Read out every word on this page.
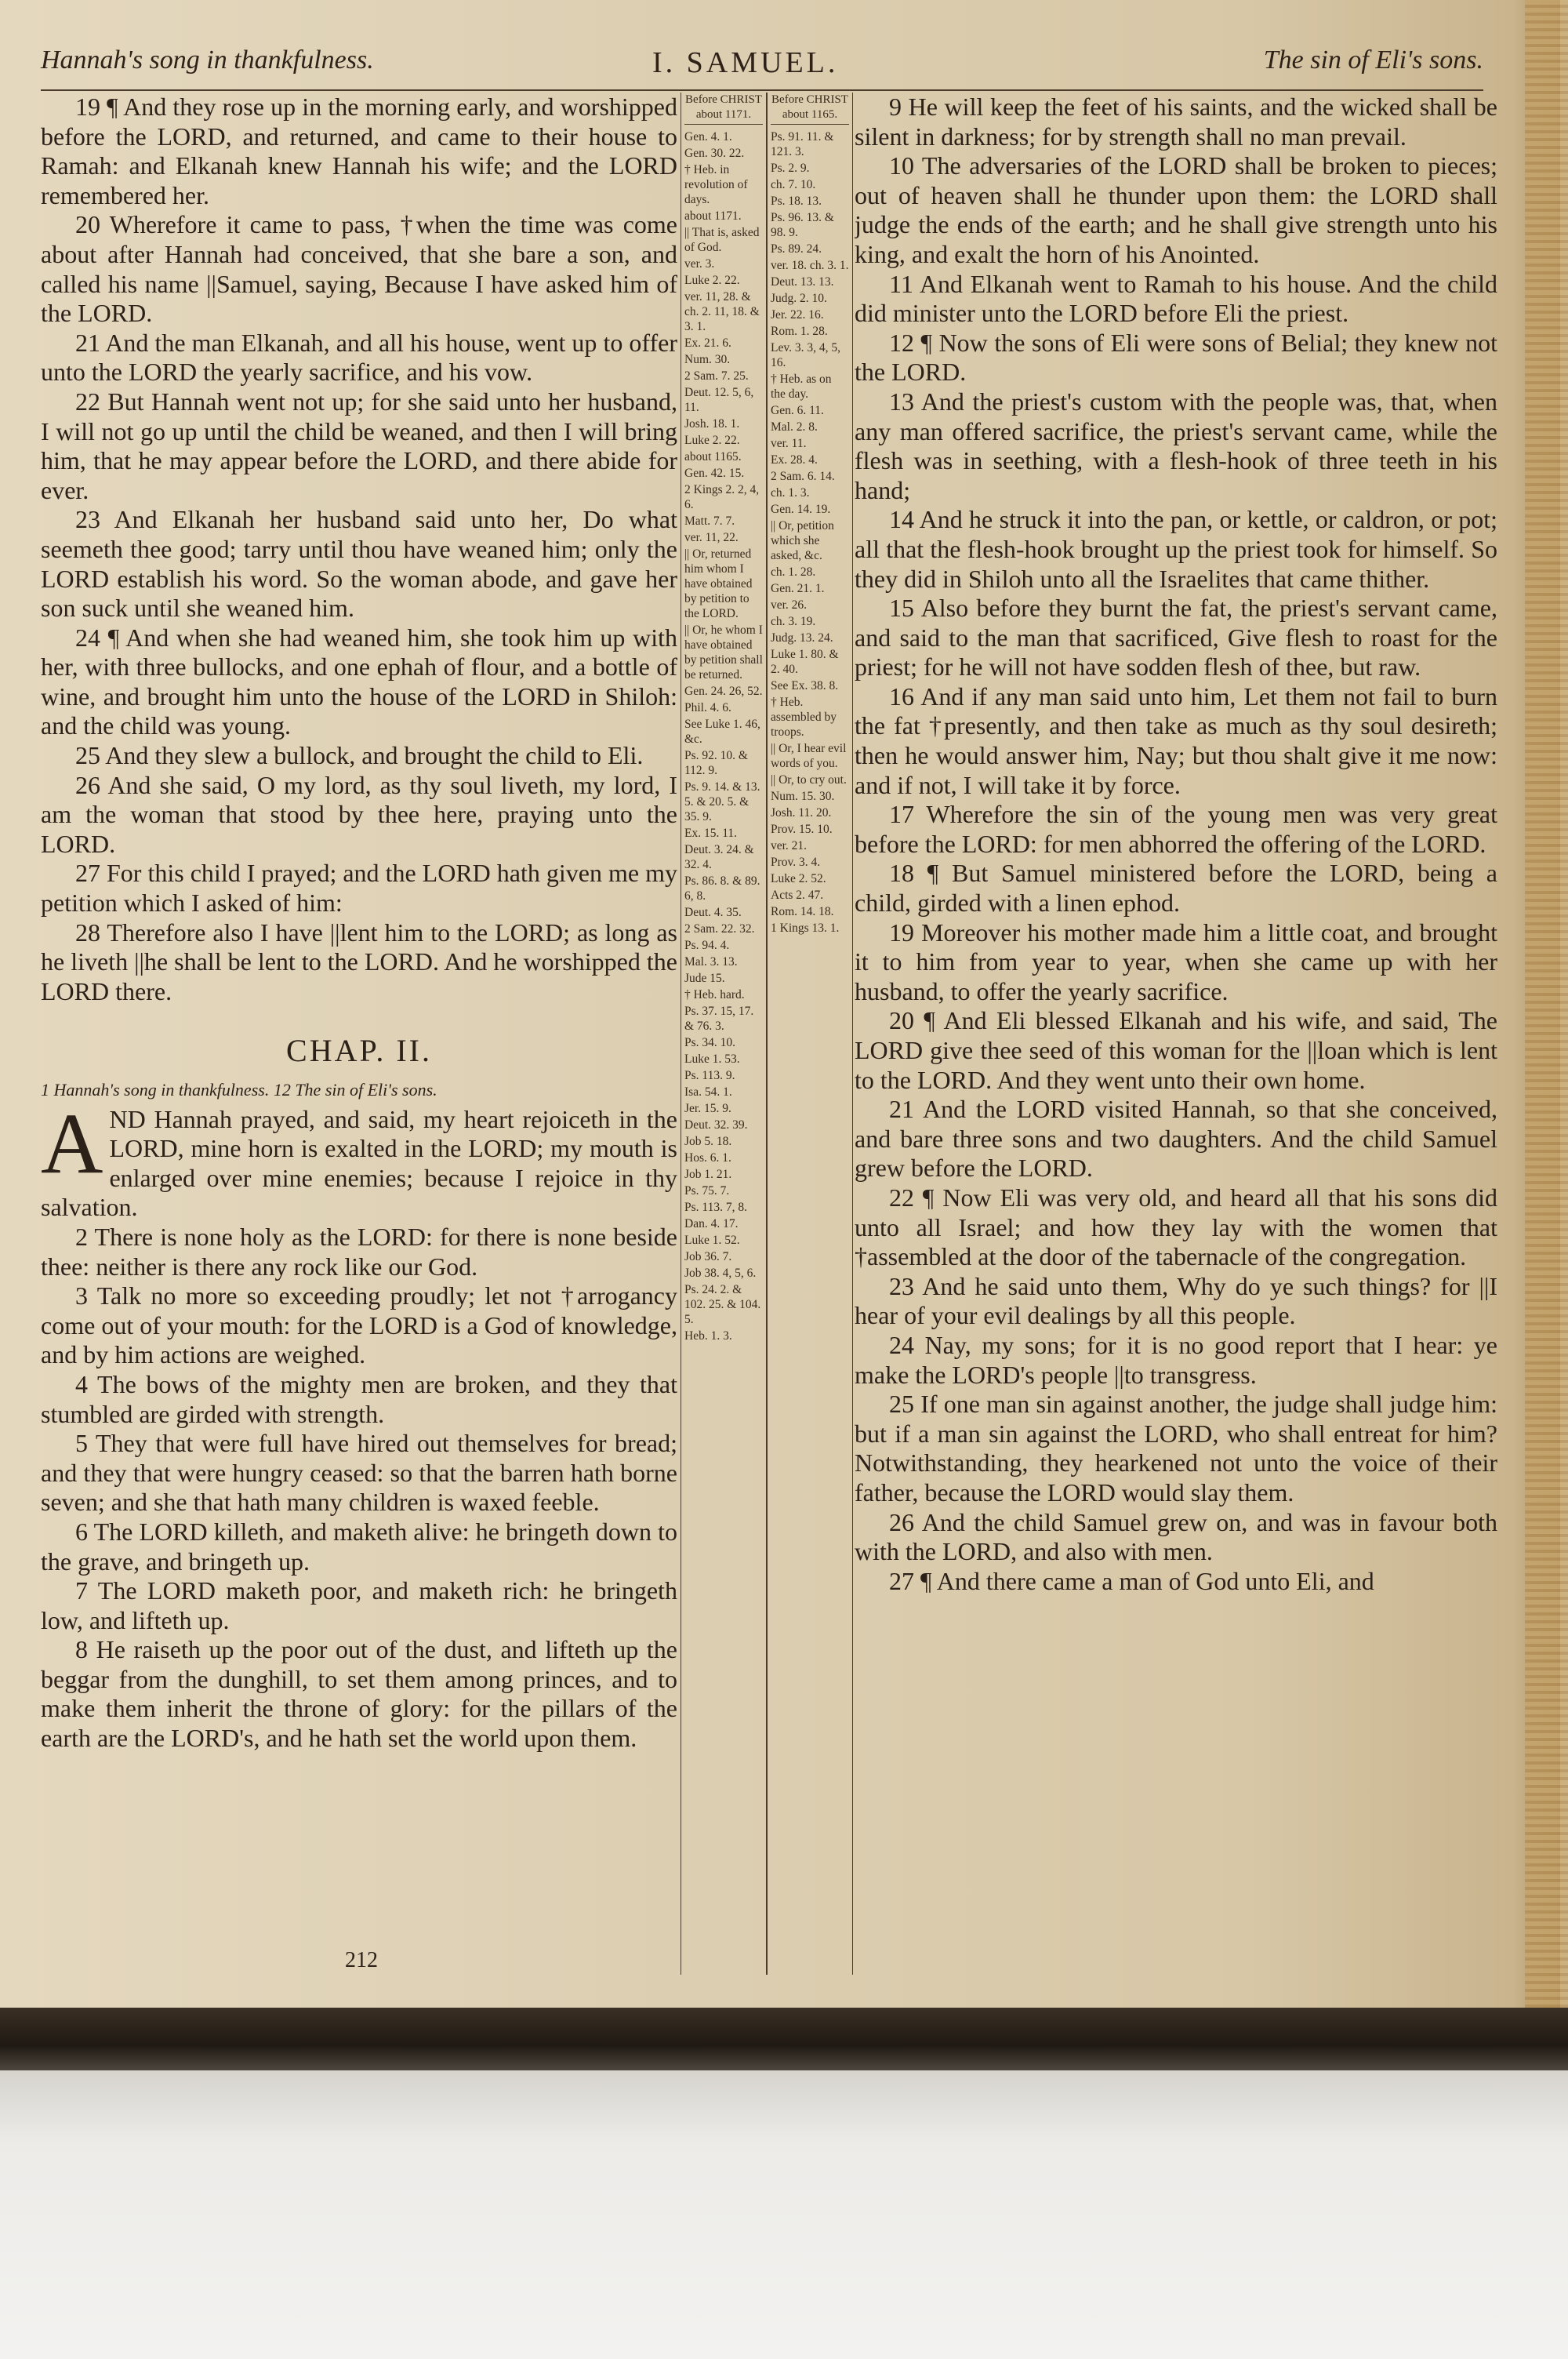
Hannah's song in thankfulness.	I. SAMUEL.	The sin of Eli's sons.

19 ¶ And they rose up in the morning early, and worshipped before the LORD, and returned, and came to their house to Ramah: and Elkanah knew Hannah his wife; and the LORD remembered her.

20 Wherefore it came to pass, †when the time was come about after Hannah had conceived, that she bare a son, and called his name ||Samuel, saying, Because I have asked him of the LORD.

21 And the man Elkanah, and all his house, went up to offer unto the LORD the yearly sacrifice, and his vow.

22 But Hannah went not up; for she said unto her husband, I will not go up until the child be weaned, and then I will bring him, that he may appear before the LORD, and there abide for ever.

23 And Elkanah her husband said unto her, Do what seemeth thee good; tarry until thou have weaned him; only the LORD establish his word. So the woman abode, and gave her son suck until she weaned him.

24 ¶ And when she had weaned him, she took him up with her, with three bullocks, and one ephah of flour, and a bottle of wine, and brought him unto the house of the LORD in Shiloh: and the child was young.

25 And they slew a bullock, and brought the child to Eli.

26 And she said, O my lord, as thy soul liveth, my lord, I am the woman that stood by thee here, praying unto the LORD.

27 For this child I prayed; and the LORD hath given me my petition which I asked of him:

28 Therefore also I have ||lent him to the LORD; as long as he liveth ||he shall be lent to the LORD. And he worshipped the LORD there.

CHAP. II.

1 Hannah's song in thankfulness. 12 The sin of Eli's sons.

AND Hannah prayed, and said, my heart rejoiceth in the LORD, mine horn is exalted in the LORD; my mouth is enlarged over mine enemies; because I rejoice in thy salvation.

2 There is none holy as the LORD: for there is none beside thee: neither is there any rock like our God.

3 Talk no more so exceeding proudly; let not †arrogancy come out of your mouth: for the LORD is a God of knowledge, and by him actions are weighed.

4 The bows of the mighty men are broken, and they that stumbled are girded with strength.

5 They that were full have hired out themselves for bread; and they that were hungry ceased: so that the barren hath borne seven; and she that hath many children is waxed feeble.

6 The LORD killeth, and maketh alive: he bringeth down to the grave, and bringeth up.

7 The LORD maketh poor, and maketh rich: he bringeth low, and lifteth up.

8 He raiseth up the poor out of the dust, and lifteth up the beggar from the dunghill, to set them among princes, and to make them inherit the throne of glory: for the pillars of the earth are the LORD's, and he hath set the world upon them.

Before CHRIST about 1171.
Gen. 4. 1.
Gen. 30. 22.
† Heb. in revolution of days.
about 1171.
|| That is, asked of God.
ver. 3.
Luke 2. 22.
ver. 11, 28. & ch. 2. 11, 18. & 3. 1.
Ex. 21. 6.
Num. 30.
2 Sam. 7. 25.
Deut. 12. 5, 6, 11.
Josh. 18. 1.
Luke 2. 22.
about 1165.
Gen. 42. 15.
2 Kings 2. 2, 4, 6.
Matt. 7. 7.
ver. 11, 22.
|| Or, returned him whom I have obtained by petition to the LORD.
|| Or, he whom I have obtained by petition shall be returned.
Gen. 24. 26, 52.
Phil. 4. 6.
See Luke 1. 46, &c.
Ps. 92. 10. & 112. 9.
Ps. 9. 14. & 13. 5. & 20. 5. & 35. 9.
Ex. 15. 11.
Deut. 3. 24. & 32. 4.
Ps. 86. 8. & 89. 6, 8.
Deut. 4. 35.
2 Sam. 22. 32.
Ps. 94. 4.
Mal. 3. 13.
Jude 15.
† Heb. hard.
Ps. 37. 15, 17. & 76. 3.
Ps. 34. 10.
Luke 1. 53.
Ps. 113. 9.
Isa. 54. 1.
Jer. 15. 9.
Deut. 32. 39.
Job 5. 18.
Hos. 6. 1.
Job 1. 21.
Ps. 75. 7.
Ps. 113. 7, 8.
Dan. 4. 17.
Luke 1. 52.
Job 36. 7.
Job 38. 4, 5, 6.
Ps. 24. 2. & 102. 25. & 104. 5.
Heb. 1. 3.
Before CHRIST about 1165.
Ps. 91. 11. & 121. 3.
Ps. 2. 9.
ch. 7. 10.
Ps. 18. 13.
Ps. 96. 13. & 98. 9.
Ps. 89. 24.
ver. 18. ch. 3. 1.
Deut. 13. 13.
Judg. 2. 10.
Jer. 22. 16.
Rom. 1. 28.
Lev. 3. 3, 4, 5, 16.
† Heb. as on the day.
Gen. 6. 11.
Mal. 2. 8.
ver. 11.
Ex. 28. 4.
2 Sam. 6. 14.
ch. 1. 3.
Gen. 14. 19.
|| Or, petition which she asked, &c.
ch. 1. 28.
Gen. 21. 1.
ver. 26.
ch. 3. 19.
Judg. 13. 24.
Luke 1. 80. & 2. 40.
See Ex. 38. 8.
† Heb. assembled by troops.
|| Or, I hear evil words of you.
|| Or, to cry out.
Num. 15. 30.
Josh. 11. 20.
Prov. 15. 10.
ver. 21.
Prov. 3. 4.
Luke 2. 52.
Acts 2. 47.
Rom. 14. 18.
1 Kings 13. 1.

9 He will keep the feet of his saints, and the wicked shall be silent in darkness; for by strength shall no man prevail.

10 The adversaries of the LORD shall be broken to pieces; out of heaven shall he thunder upon them: the LORD shall judge the ends of the earth; and he shall give strength unto his king, and exalt the horn of his Anointed.

11 And Elkanah went to Ramah to his house. And the child did minister unto the LORD before Eli the priest.

12 ¶ Now the sons of Eli were sons of Belial; they knew not the LORD.

13 And the priest's custom with the people was, that, when any man offered sacrifice, the priest's servant came, while the flesh was in seething, with a flesh-hook of three teeth in his hand;

14 And he struck it into the pan, or kettle, or caldron, or pot; all that the flesh-hook brought up the priest took for himself. So they did in Shiloh unto all the Israelites that came thither.

15 Also before they burnt the fat, the priest's servant came, and said to the man that sacrificed, Give flesh to roast for the priest; for he will not have sodden flesh of thee, but raw.

16 And if any man said unto him, Let them not fail to burn the fat †presently, and then take as much as thy soul desireth; then he would answer him, Nay; but thou shalt give it me now: and if not, I will take it by force.

17 Wherefore the sin of the young men was very great before the LORD: for men abhorred the offering of the LORD.

18 ¶ But Samuel ministered before the LORD, being a child, girded with a linen ephod.

19 Moreover his mother made him a little coat, and brought it to him from year to year, when she came up with her husband, to offer the yearly sacrifice.

20 ¶ And Eli blessed Elkanah and his wife, and said, The LORD give thee seed of this woman for the ||loan which is lent to the LORD. And they went unto their own home.

21 And the LORD visited Hannah, so that she conceived, and bare three sons and two daughters. And the child Samuel grew before the LORD.

22 ¶ Now Eli was very old, and heard all that his sons did unto all Israel; and how they lay with the women that †assembled at the door of the tabernacle of the congregation.

23 And he said unto them, Why do ye such things? for ||I hear of your evil dealings by all this people.

24 Nay, my sons; for it is no good report that I hear: ye make the LORD's people ||to transgress.

25 If one man sin against another, the judge shall judge him: but if a man sin against the LORD, who shall entreat for him? Notwithstanding, they hearkened not unto the voice of their father, because the LORD would slay them.

26 And the child Samuel grew on, and was in favour both with the LORD, and also with men.

27 ¶ And there came a man of God unto Eli, and

212
